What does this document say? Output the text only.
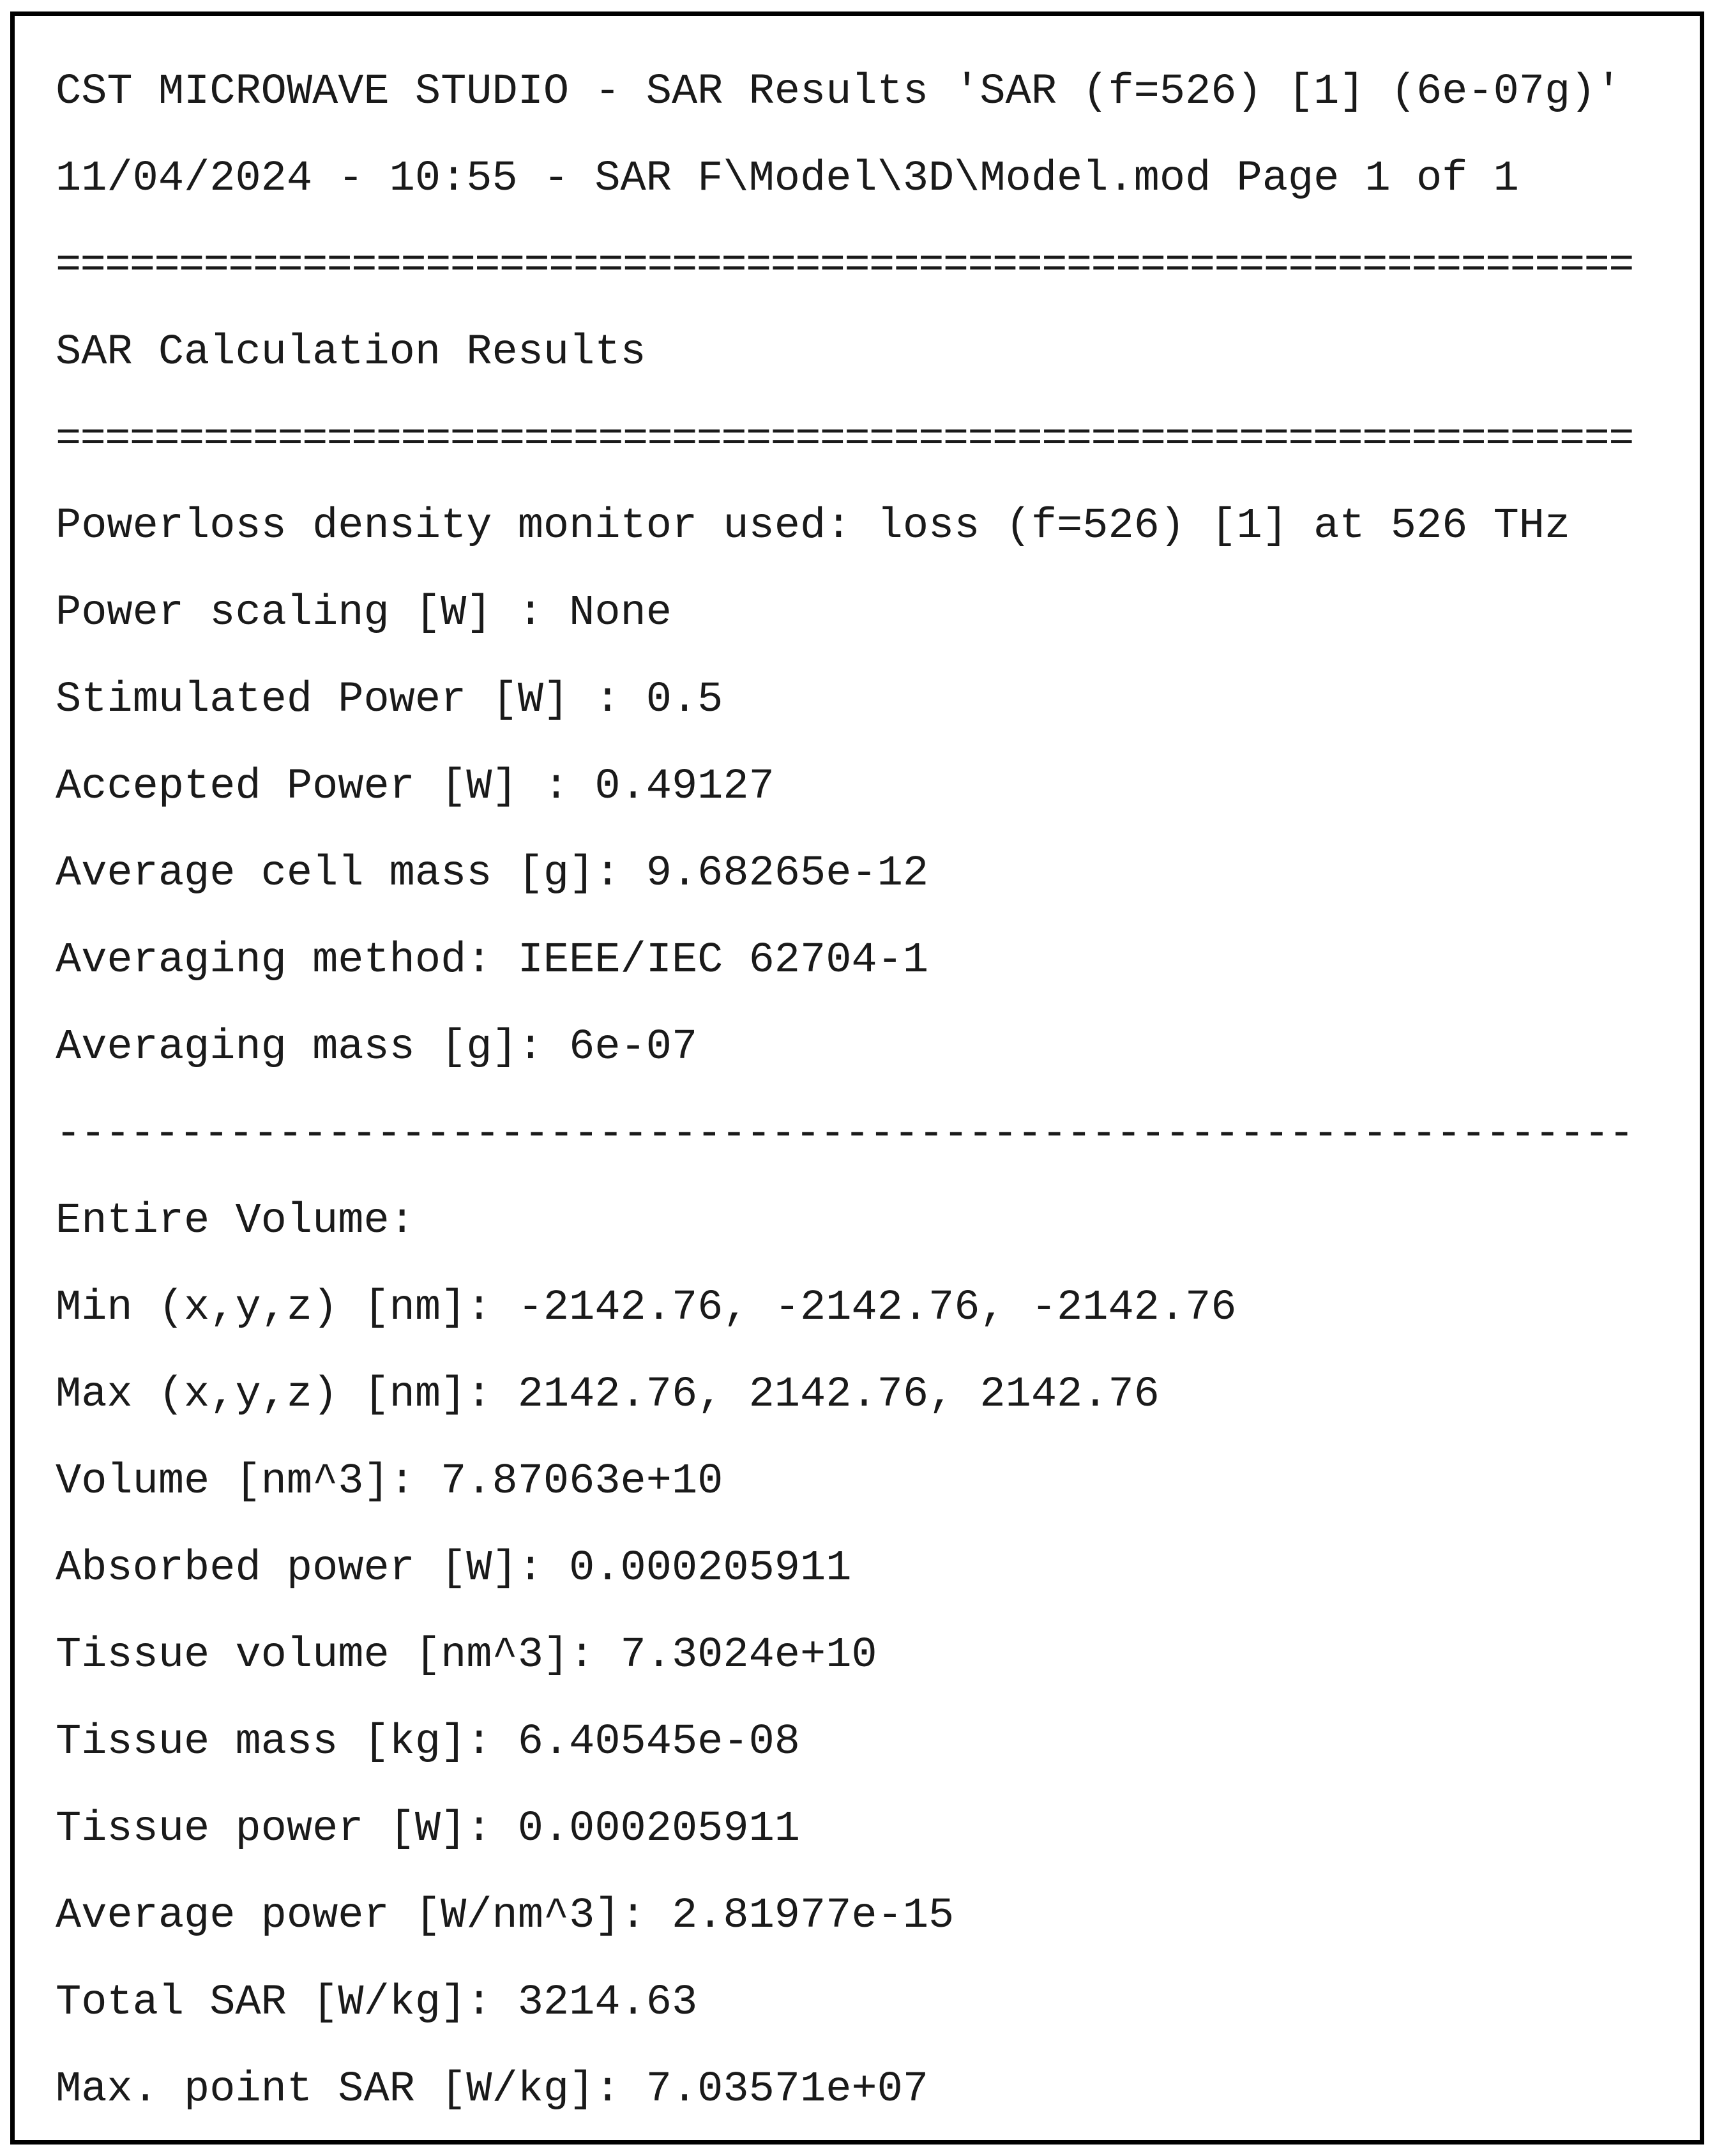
CST MICROWAVE STUDIO - SAR Results 'SAR (f=526) [1] (6e-07g)'
11/04/2024 - 10:55 - SAR F\Model\3D\Model.mod Page 1 of 1
================================================================
SAR Calculation Results
================================================================
Powerloss density monitor used: loss (f=526) [1] at 526 THz
Power scaling [W] : None
Stimulated Power [W] : 0.5
Accepted Power [W] : 0.49127
Average cell mass [g]: 9.68265e-12
Averaging method: IEEE/IEC 62704-1
Averaging mass [g]: 6e-07
----------------------------------------------------------------
Entire Volume:
Min (x,y,z) [nm]: -2142.76, -2142.76, -2142.76
Max (x,y,z) [nm]: 2142.76, 2142.76, 2142.76
Volume [nm^3]: 7.87063e+10
Absorbed power [W]: 0.000205911
Tissue volume [nm^3]: 7.3024e+10
Tissue mass [kg]: 6.40545e-08
Tissue power [W]: 0.000205911
Average power [W/nm^3]: 2.81977e-15
Total SAR [W/kg]: 3214.63
Max. point SAR [W/kg]: 7.03571e+07
